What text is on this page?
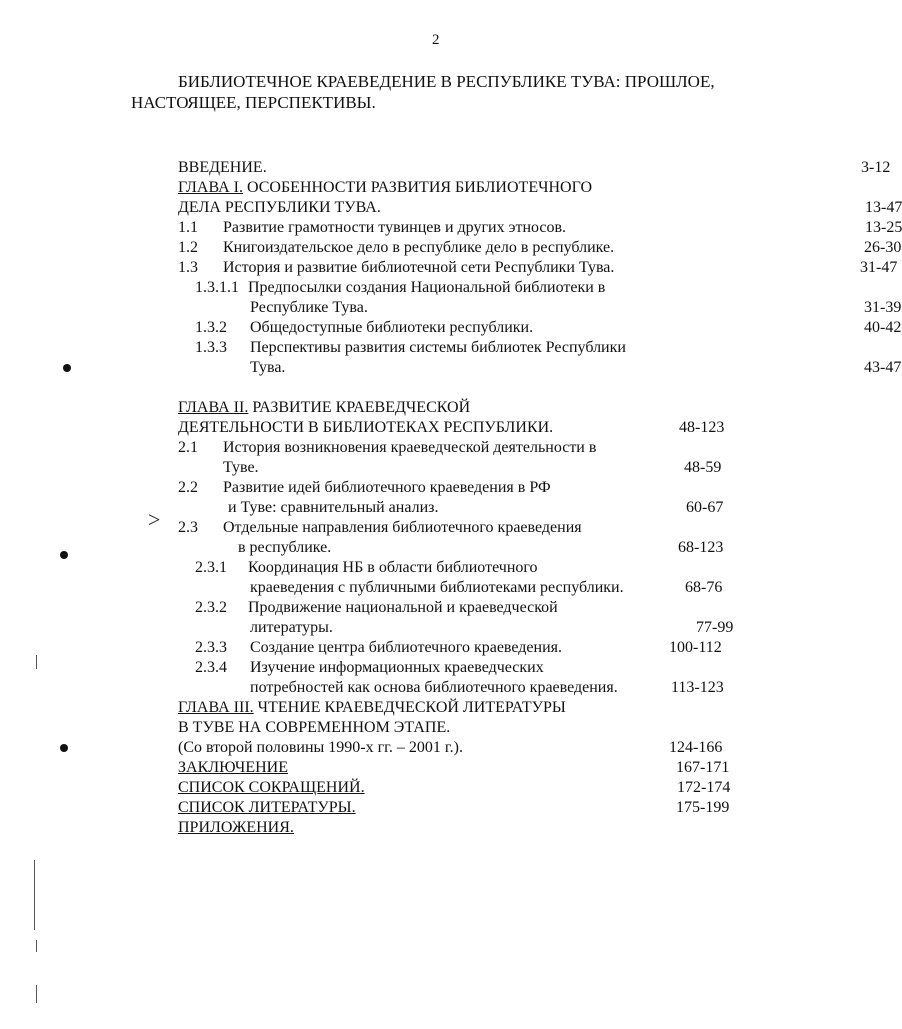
2
БИБЛИОТЕЧНОЕ КРАЕВЕДЕНИЕ В РЕСПУБЛИКЕ ТУВА: ПРОШЛОЕ,
НАСТОЯЩЕЕ, ПЕРСПЕКТИВЫ.
ВВЕДЕНИЕ.	3-12
ГЛАВА I. ОСОБЕННОСТИ РАЗВИТИЯ БИБЛИОТЕЧНОГО
ДЕЛА РЕСПУБЛИКИ ТУВА.	13-47
1.1 Развитие грамотности тувинцев и других этносов.	13-25
1.2 Книгоиздательское дело в республике дело в республике.	26-30
1.3 История и развитие библиотечной сети Республики Тува.	31-47
1.3.1.1 Предпосылки создания Национальной библиотеки в
Республике Тува.	31-39
1.3.2 Общедоступные библиотеки республики.	40-42
1.3.3 Перспективы развития системы библиотек Республики
Тува.	43-47
ГЛАВА II. РАЗВИТИЕ КРАЕВЕДЧЕСКОЙ
ДЕЯТЕЛЬНОСТИ В БИБЛИОТЕКАХ РЕСПУБЛИКИ.	48-123
2.1 История возникновения краеведческой деятельности в
Туве.	48-59
2.2 Развитие идей библиотечного краеведения в РФ
и Туве: сравнительный анализ.	60-67
2.3 Отдельные направления библиотечного краеведения
в республике.	68-123
2.3.1 Координация НБ в области библиотечного
краеведения с публичными библиотеками республики.	68-76
2.3.2 Продвижение национальной и краеведческой
литературы.	77-99
2.3.3 Создание центра библиотечного краеведения.	100-112
2.3.4 Изучение информационных краеведческих
потребностей как основа библиотечного краеведения.	113-123
ГЛАВА III. ЧТЕНИЕ КРАЕВЕДЧЕСКОЙ ЛИТЕРАТУРЫ
В ТУВЕ НА СОВРЕМЕННОМ ЭТАПЕ.
(Со второй половины 1990-х гг. – 2001 г.).	124-166
ЗАКЛЮЧЕНИЕ	167-171
СПИСОК СОКРАЩЕНИЙ.	172-174
СПИСОК ЛИТЕРАТУРЫ.	175-199
ПРИЛОЖЕНИЯ.
>
